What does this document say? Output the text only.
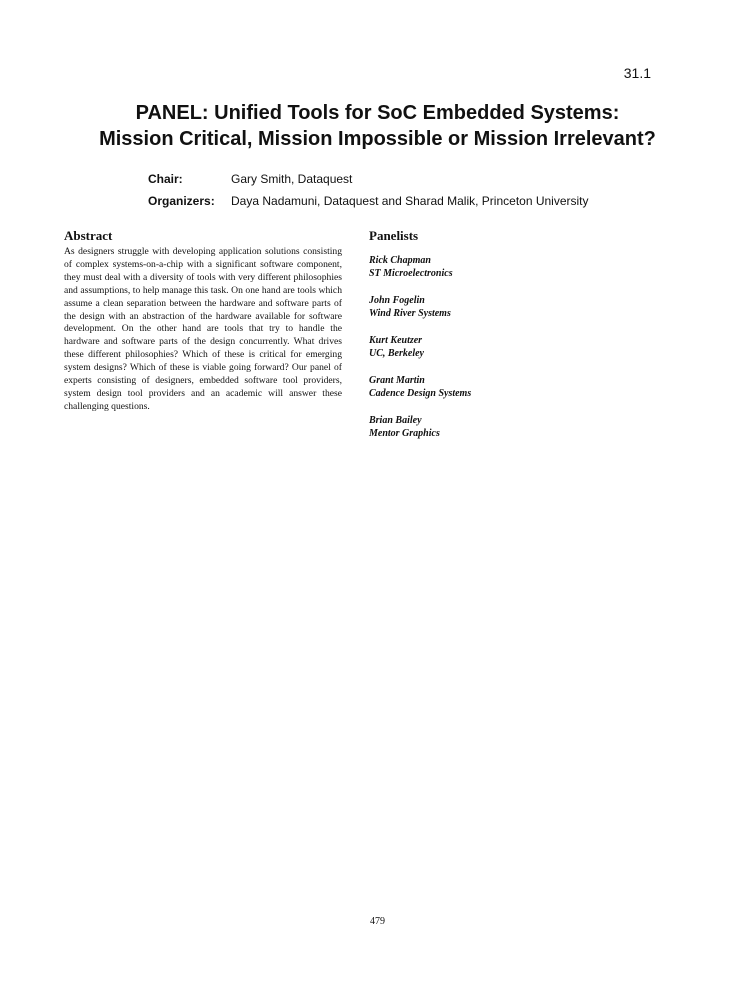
31.1
PANEL: Unified Tools for SoC Embedded Systems:
Mission Critical, Mission Impossible or Mission Irrelevant?
Chair:	Gary Smith, Dataquest
Organizers:	Daya Nadamuni, Dataquest and Sharad Malik, Princeton University
Abstract
As designers struggle with developing application solutions consisting of complex systems-on-a-chip with a significant software component, they must deal with a diversity of tools with very different philosophies and assumptions, to help manage this task. On one hand are tools which assume a clean separation between the hardware and software parts of the design with an abstraction of the hardware available for software development. On the other hand are tools that try to handle the hardware and software parts of the design concurrently. What drives these different philosophies? Which of these is critical for emerging system designs? Which of these is viable going forward? Our panel of experts consisting of designers, embedded software tool providers, system design tool providers and an academic will answer these challenging questions.
Panelists
Rick Chapman
ST Microelectronics
John Fogelin
Wind River Systems
Kurt Keutzer
UC, Berkeley
Grant Martin
Cadence Design Systems
Brian Bailey
Mentor Graphics
479
